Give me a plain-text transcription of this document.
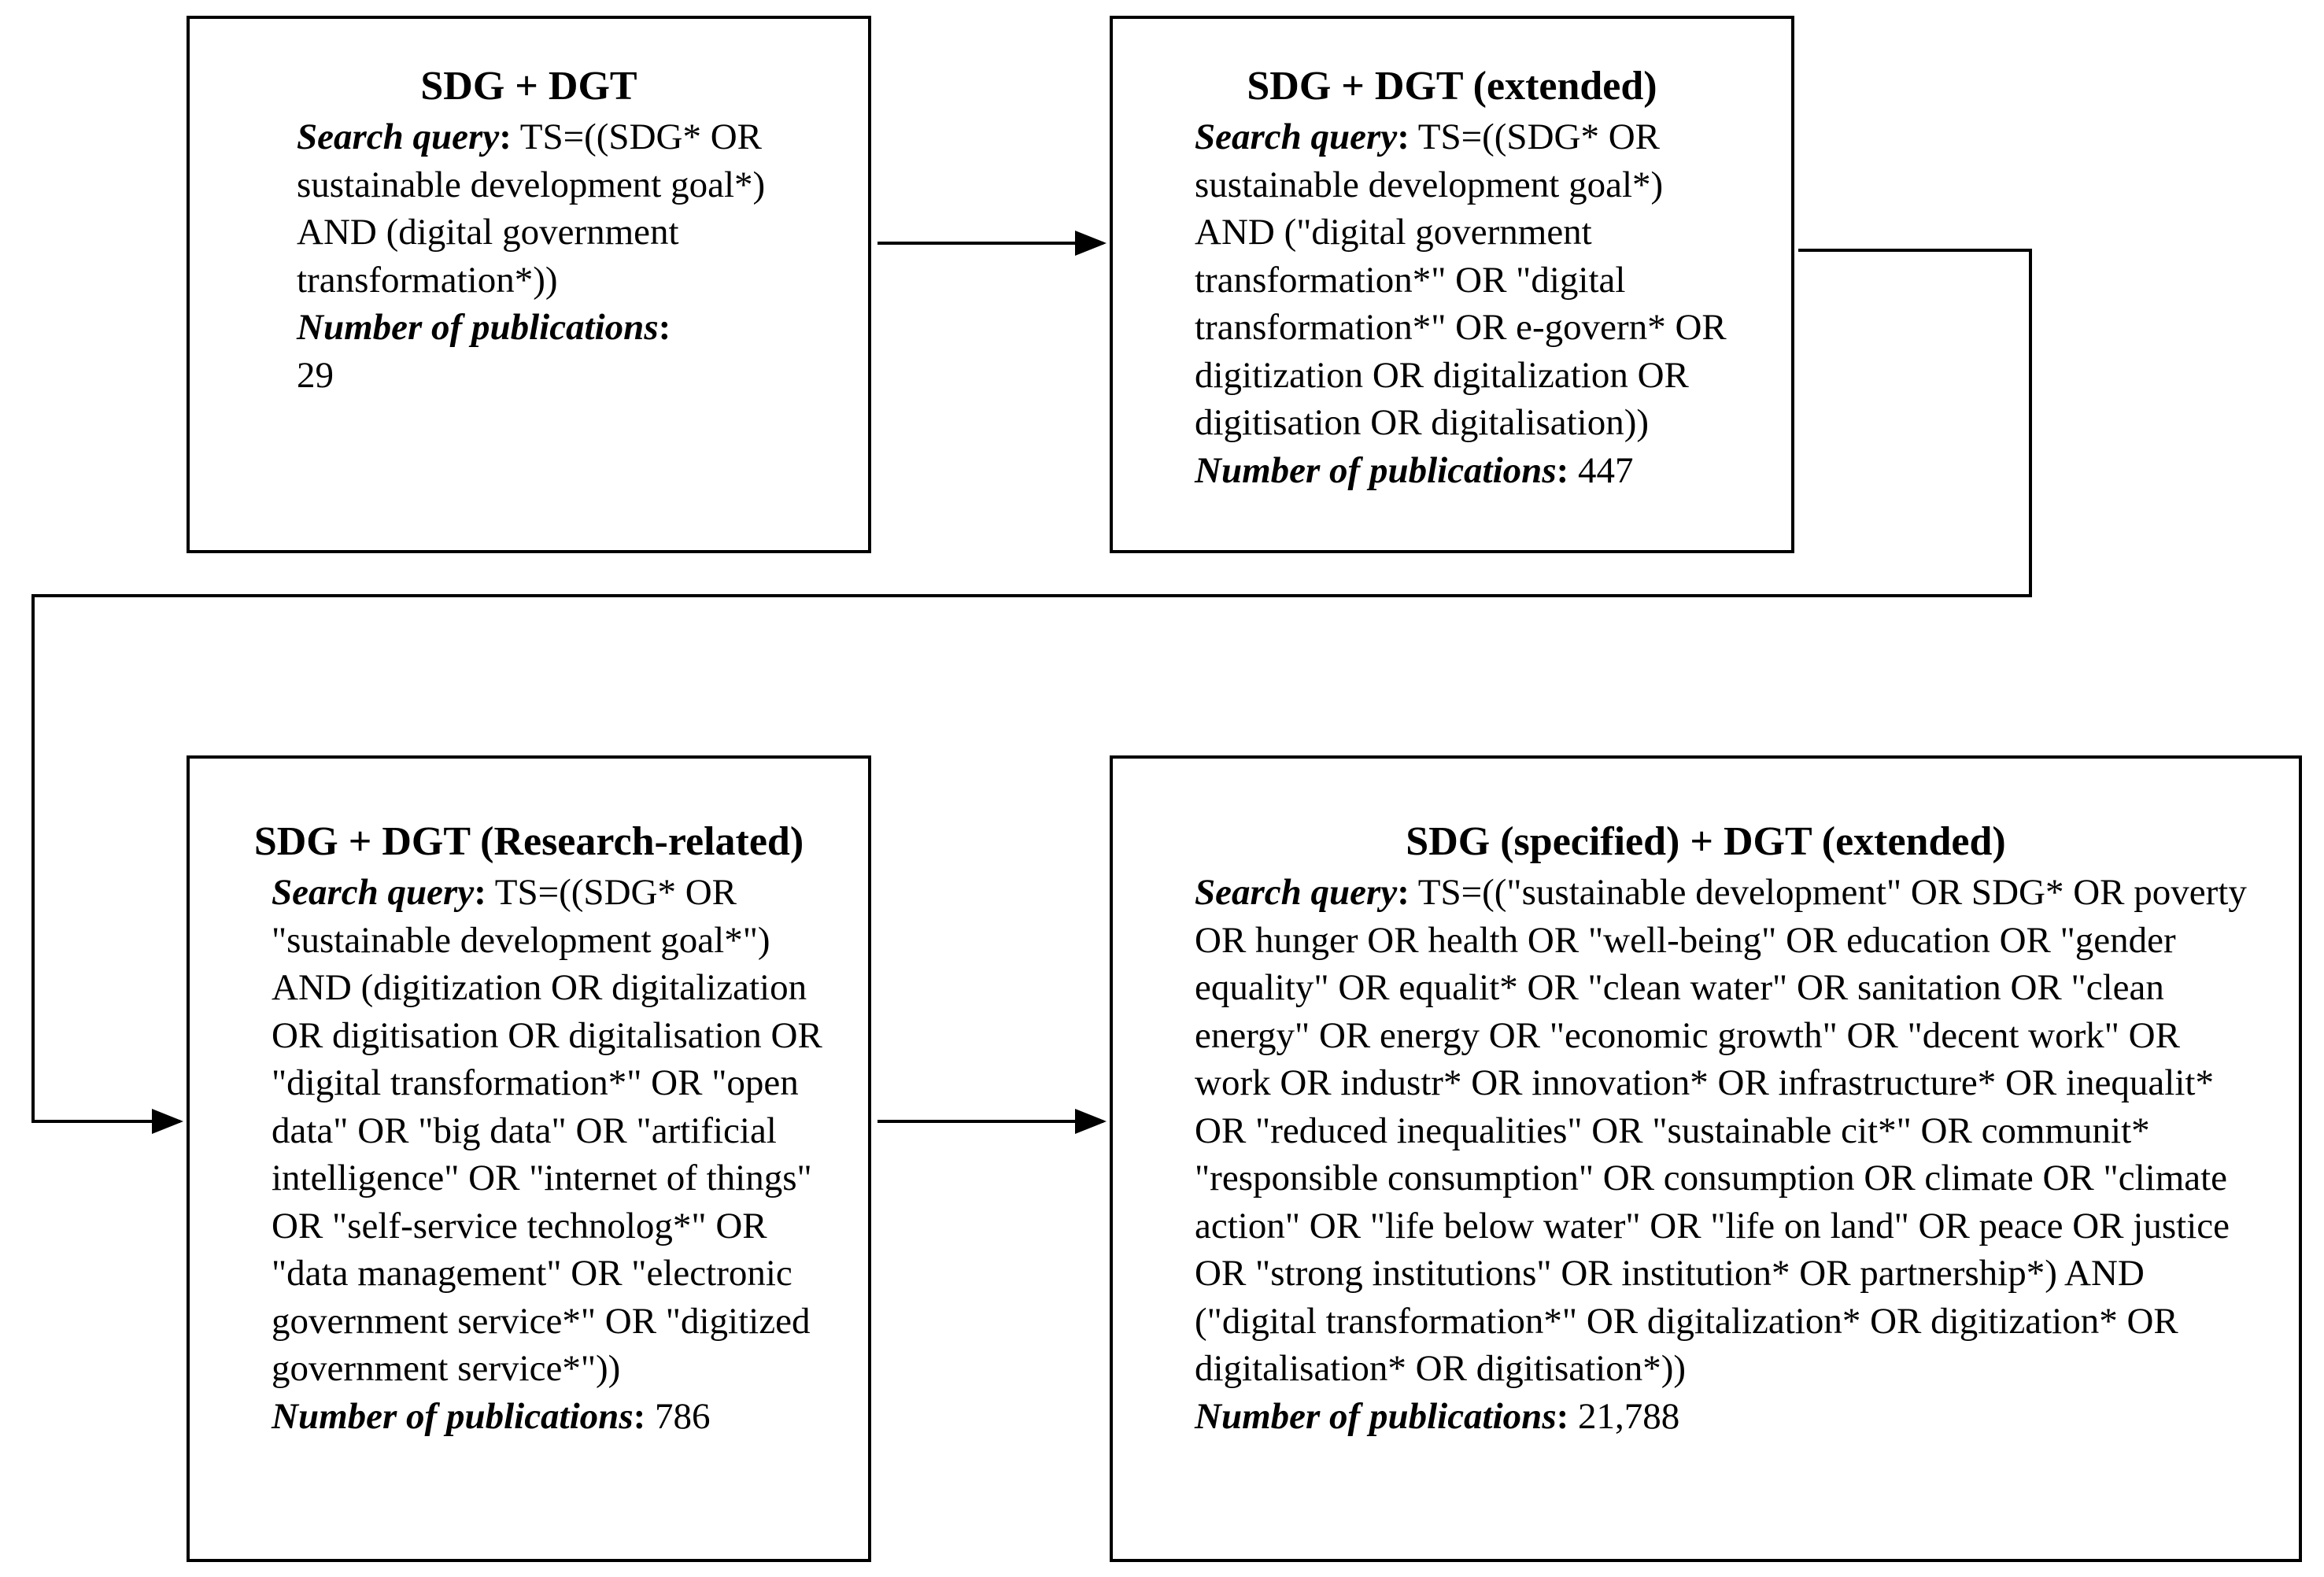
SDG + DGT
Search query: TS=((SDG* OR sustainable development goal*) AND (digital government transformation*))
Number of publications:
29
SDG + DGT (extended)
Search query: TS=((SDG* OR sustainable development goal*) AND ("digital government transformation*" OR "digital transformation*" OR e-govern* OR digitization OR digitalization OR digitisation OR digitalisation))
Number of publications: 447
SDG + DGT (Research-related)
Search query: TS=((SDG* OR "sustainable development goal*") AND (digitization OR digitalization OR digitisation OR digitalisation OR "digital transformation*" OR "open data" OR "big data" OR "artificial intelligence" OR "internet of things" OR "self-service technolog*" OR "data management" OR "electronic government service*" OR "digitized government service*"))
Number of publications: 786
SDG (specified) + DGT (extended)
Search query: TS=(("sustainable development" OR SDG* OR poverty OR hunger OR health OR "well-being" OR education OR "gender equality" OR equalit* OR "clean water" OR sanitation OR "clean energy" OR energy OR "economic growth" OR "decent work" OR work OR industr* OR innovation* OR infrastructure* OR inequalit* OR "reduced inequalities" OR "sustainable cit*" OR communit* "responsible consumption" OR consumption OR climate OR "climate action" OR "life below water" OR "life on land" OR peace OR justice OR "strong institutions" OR institution* OR partnership*) AND ("digital transformation*" OR digitalization* OR digitization* OR digitalisation* OR digitisation*))
Number of publications: 21,788
